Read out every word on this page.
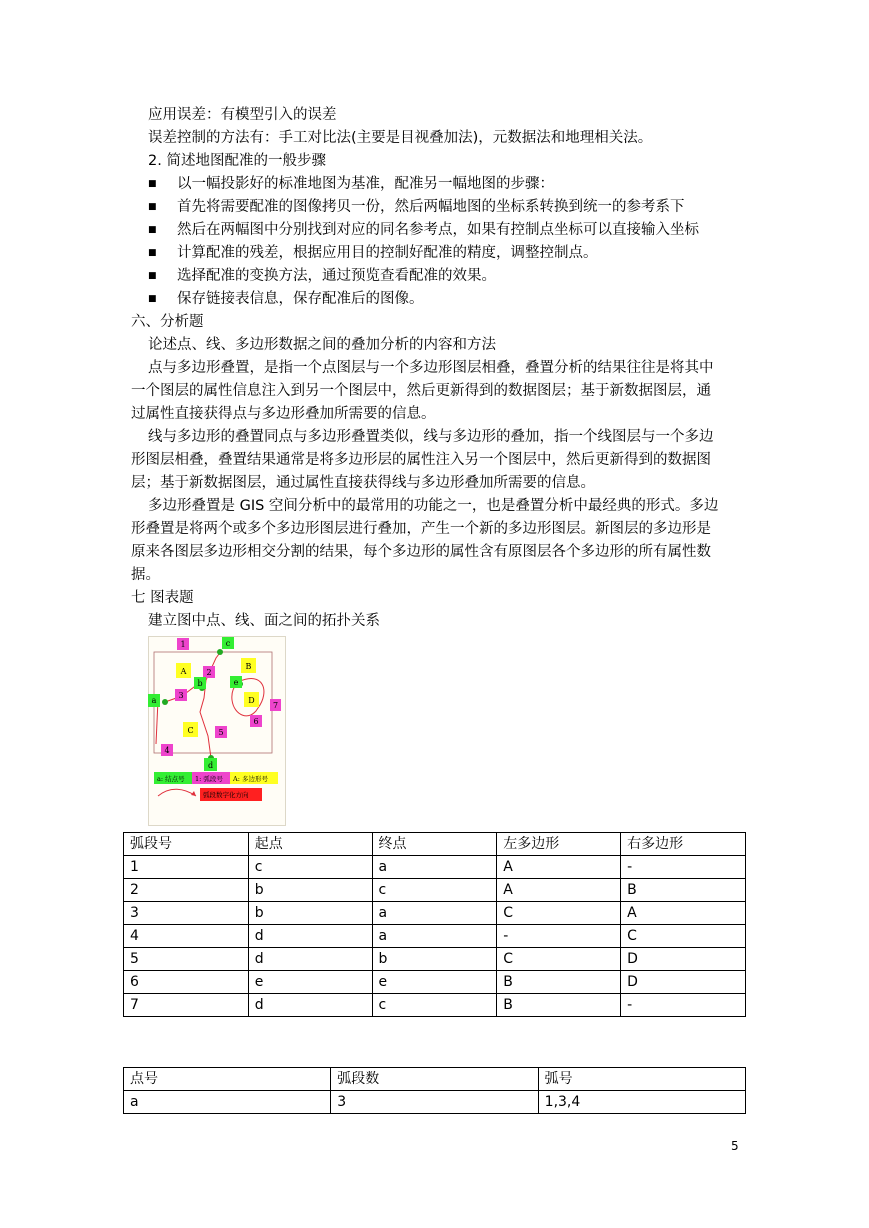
应用误差：有模型引入的误差
误差控制的方法有：手工对比法(主要是目视叠加法)，元数据法和地理相关法。
2. 简述地图配准的一般步骤
■ 以一幅投影好的标准地图为基准，配准另一幅地图的步骤：
■ 首先将需要配准的图像拷贝一份，然后两幅地图的坐标系转换到统一的参考系下
■ 然后在两幅图中分别找到对应的同名参考点，如果有控制点坐标可以直接输入坐标
■ 计算配准的残差，根据应用目的控制好配准的精度，调整控制点。
■ 选择配准的变换方法，通过预览查看配准的效果。
■ 保存链接表信息，保存配准后的图像。
六、分析题
论述点、线、多边形数据之间的叠加分析的内容和方法
点与多边形叠置，是指一个点图层与一个多边形图层相叠，叠置分析的结果往往是将其中
一个图层的属性信息注入到另一个图层中，然后更新得到的数据图层；基于新数据图层，通
过属性直接获得点与多边形叠加所需要的信息。
线与多边形的叠置同点与多边形叠置类似，线与多边形的叠加，指一个线图层与一个多边
形图层相叠，叠置结果通常是将多边形层的属性注入另一个图层中，然后更新得到的数据图
层；基于新数据图层，通过属性直接获得线与多边形叠加所需要的信息。
多边形叠置是 GIS 空间分析中的最常用的功能之一，也是叠置分析中最经典的形式。多边
形叠置是将两个或多个多边形图层进行叠加，产生一个新的多边形图层。新图层的多边形是
原来各图层多边形相交分割的结果，每个多边形的属性含有原图层各个多边形的所有属性数
据。
七 图表题
建立图中点、线、面之间的拓扑关系
1
2
3
4
5
6
7
a
b
c
d
e
A
B
C
D
a: 结点号 1: 弧段号 A: 多边形号
弧段数字化方向
弧段号	起点	终点	左多边形	右多边形
1	c	a	A	-
2	b	c	A	B
3	b	a	C	A
4	d	a	-	C
5	d	b	C	D
6	e	e	B	D
7	d	c	B	-
点号	弧段数	弧号
a	3	1,3,4
5
